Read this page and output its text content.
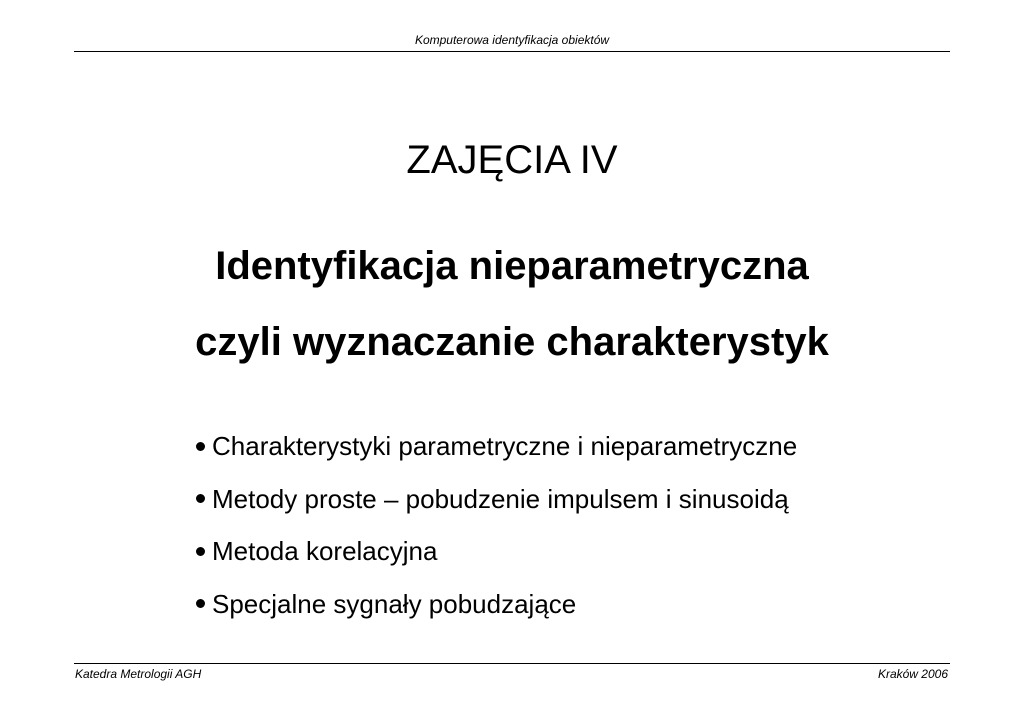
Komputerowa identyfikacja obiektów
ZAJĘCIA IV
Identyfikacja nieparametryczna
czyli wyznaczanie charakterystyk
Charakterystyki parametryczne i nieparametryczne
Metody proste – pobudzenie impulsem i sinusoidą
Metoda korelacyjna
Specjalne sygnały pobudzające
Katedra Metrologii AGH	Kraków 2006
